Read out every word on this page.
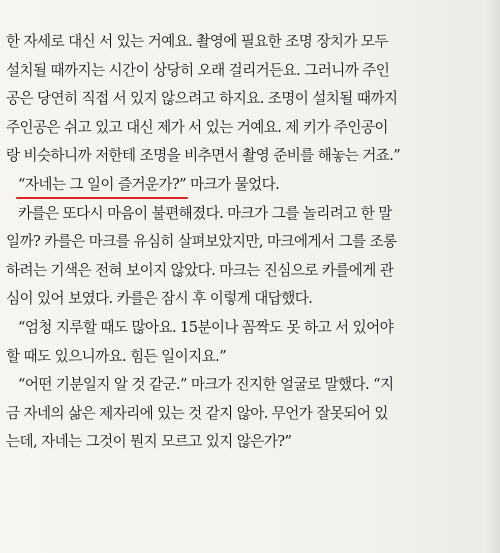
한 자세로 대신 서 있는 거예요. 촬영에 필요한 조명 장치가 모두
설치될 때까지는 시간이 상당히 오래 걸리거든요. 그러니까 주인
공은 당연히 직접 서 있지 않으려고 하지요. 조명이 설치될 때까지
주인공은 쉬고 있고 대신 제가 서 있는 거예요. 제 키가 주인공이
랑 비슷하니까 저한테 조명을 비추면서 촬영 준비를 해놓는 거죠.”
“자네는 그 일이 즐거운가?” 마크가 물었다.
카를은 또다시 마음이 불편해졌다. 마크가 그를 놀리려고 한 말
일까? 카를은 마크를 유심히 살펴보았지만, 마크에게서 그를 조롱
하려는 기색은 전혀 보이지 않았다. 마크는 진심으로 카를에게 관
심이 있어 보였다. 카를은 잠시 후 이렇게 대답했다.
“엄청 지루할 때도 많아요. 15분이나 꼼짝도 못 하고 서 있어야
할 때도 있으니까요. 힘든 일이지요.”
“어떤 기분일지 알 것 같군.” 마크가 진지한 얼굴로 말했다. “지
금 자네의 삶은 제자리에 있는 것 같지 않아. 무언가 잘못되어 있
는데, 자네는 그것이 뭔지 모르고 있지 않은가?”
